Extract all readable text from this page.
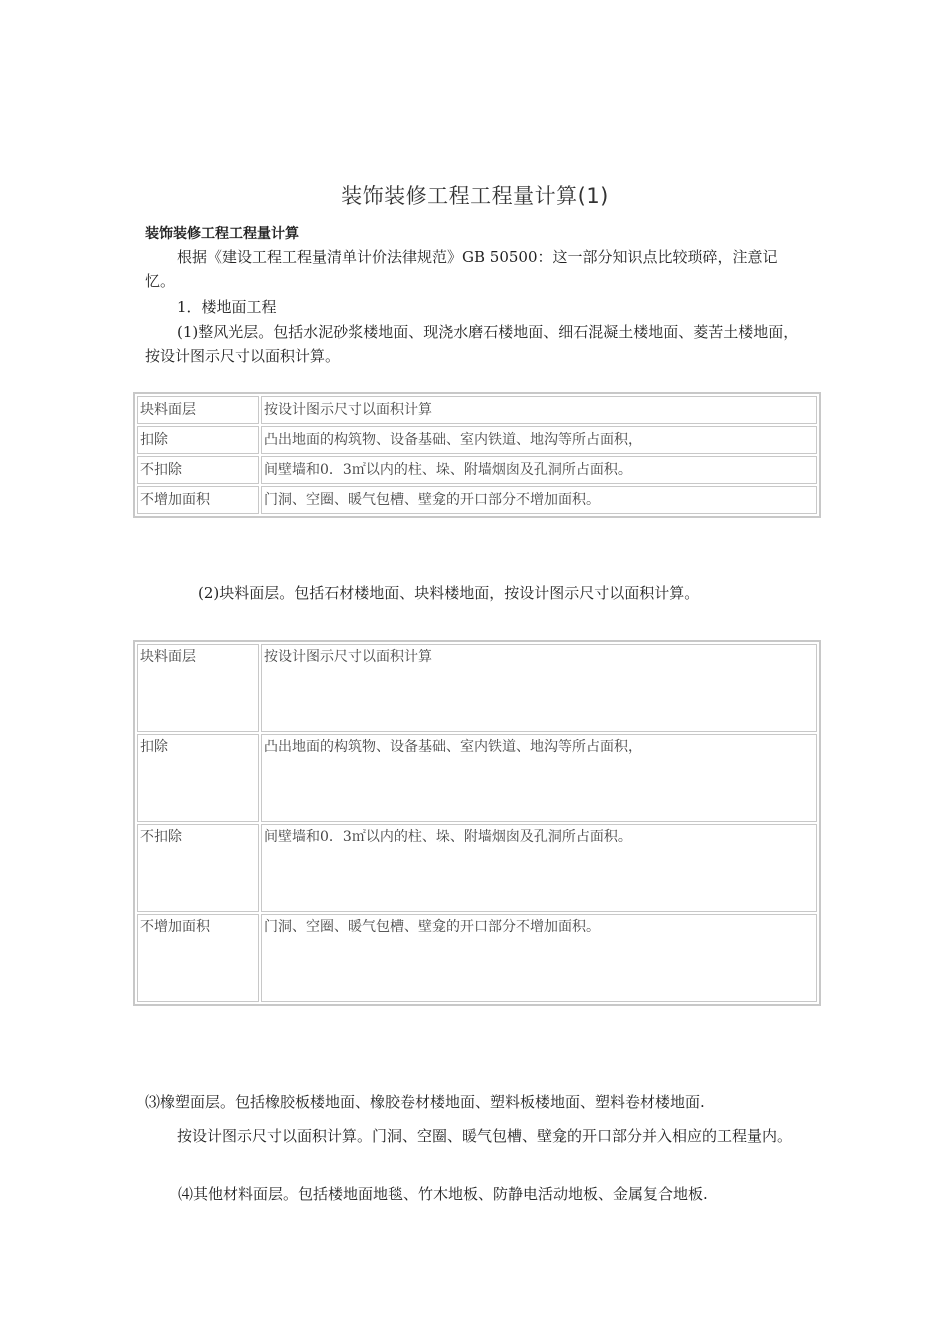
装饰装修工程工程量计算(1)

装饰装修工程工程量计算

根据《建设工程工程量清单计价法律规范》GB 50500：这一部分知识点比较琐碎，注意记忆。

1．楼地面工程

(1)整风光层。包括水泥砂浆楼地面、现浇水磨石楼地面、细石混凝土楼地面、菱苦土楼地面，按设计图示尺寸以面积计算。

块料面层	按设计图示尺寸以面积计算
扣除	凸出地面的构筑物、设备基础、室内铁道、地沟等所占面积，
不扣除	间壁墙和0．3㎡以内的柱、垛、附墙烟囱及孔洞所占面积。
不增加面积	门洞、空圈、暖气包槽、壁龛的开口部分不增加面积。

(2)块料面层。包括石材楼地面、块料楼地面，按设计图示尺寸以面积计算。

块料面层	按设计图示尺寸以面积计算
扣除	凸出地面的构筑物、设备基础、室内铁道、地沟等所占面积，
不扣除	间壁墙和0．3㎡以内的柱、垛、附墙烟囱及孔洞所占面积。
不增加面积	门洞、空圈、暖气包槽、壁龛的开口部分不增加面积。

⑶橡塑面层。包括橡胶板楼地面、橡胶卷材楼地面、塑料板楼地面、塑料卷材楼地面.

按设计图示尺寸以面积计算。门洞、空圈、暖气包槽、壁龛的开口部分并入相应的工程量内。

⑷其他材料面层。包括楼地面地毯、竹木地板、防静电活动地板、金属复合地板.
